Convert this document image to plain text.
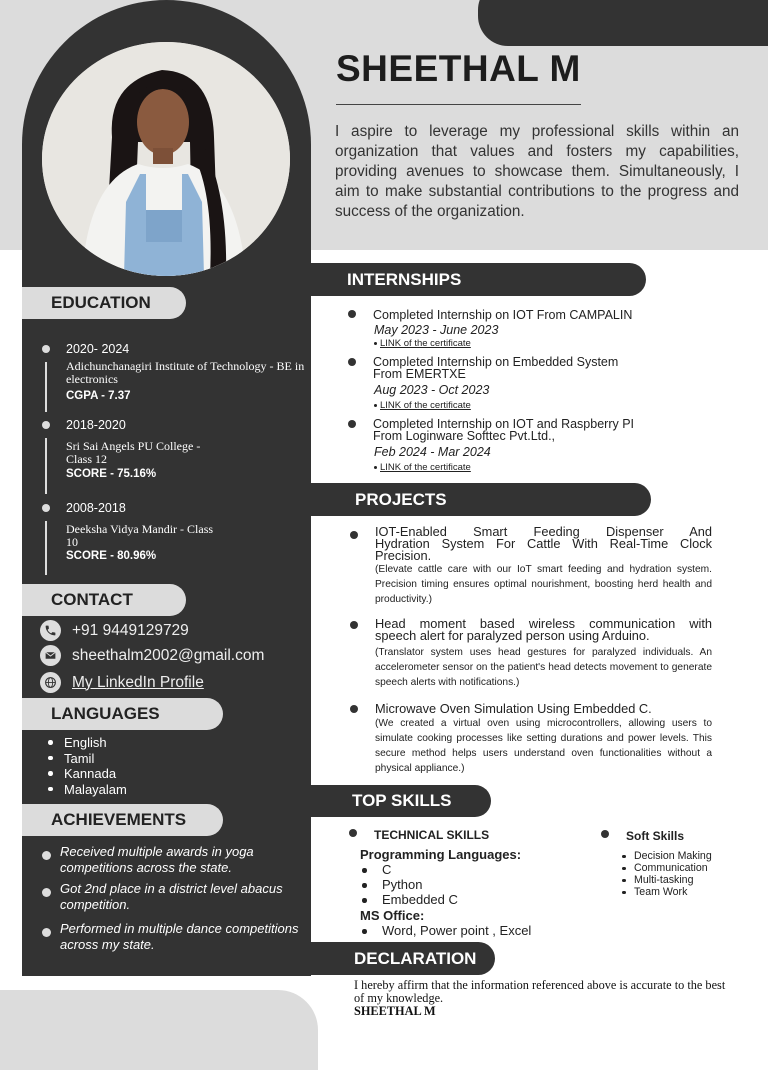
SHEETHAL M
I aspire to leverage my professional skills within an organization that values and fosters my capabilities, providing avenues to showcase them. Simultaneously, I aim to make substantial contributions to the progress and success of the organization.
EDUCATION
2020- 2024
Adichunchanagiri Institute of Technology - BE in electronics
CGPA - 7.37
2018-2020
Sri Sai Angels PU College - Class 12
SCORE - 75.16%
2008-2018
Deeksha Vidya Mandir - Class 10
SCORE - 80.96%
CONTACT
+91 9449129729
sheethalm2002@gmail.com
My LinkedIn Profile
LANGUAGES
English
Tamil
Kannada
Malayalam
ACHIEVEMENTS
Received multiple awards in yoga competitions across the state.
Got 2nd place in a district level abacus competition.
Performed in multiple dance competitions across my state.
INTERNSHIPS
Completed Internship on IOT From CAMPALIN
May 2023 - June 2023
LINK of the certificate
Completed Internship on Embedded System
From EMERTXE
Aug 2023 - Oct 2023
LINK of the certificate
Completed Internship on IOT and Raspberry PI
From Loginware Softtec Pvt.Ltd.,
Feb 2024 - Mar 2024
LINK of the certificate
PROJECTS
IOT-Enabled Smart Feeding Dispenser And
Hydration System For Cattle With Real-Time Clock
Precision.
(Elevate cattle care with our IoT smart feeding and hydration system. Precision timing ensures optimal nourishment, boosting herd health and productivity.)
Head moment based wireless communication with
speech alert for paralyzed person using Arduino.
(Translator system uses head gestures for paralyzed individuals. An accelerometer sensor on the patient's head detects movement to generate speech alerts with notifications.)
Microwave Oven Simulation Using Embedded C.
(We created a virtual oven using microcontrollers, allowing users to simulate cooking processes like setting durations and power levels. This secure method helps users understand oven functionalities without a physical appliance.)
TOP SKILLS
TECHNICAL SKILLS
Programming Languages:
C
Python
Embedded C
MS Office:
Word, Power point , Excel
Soft Skills
Decision Making
Communication
Multi-tasking
Team Work
DECLARATION
I hereby affirm that the information referenced above is accurate to the best of my knowledge.
SHEETHAL M
